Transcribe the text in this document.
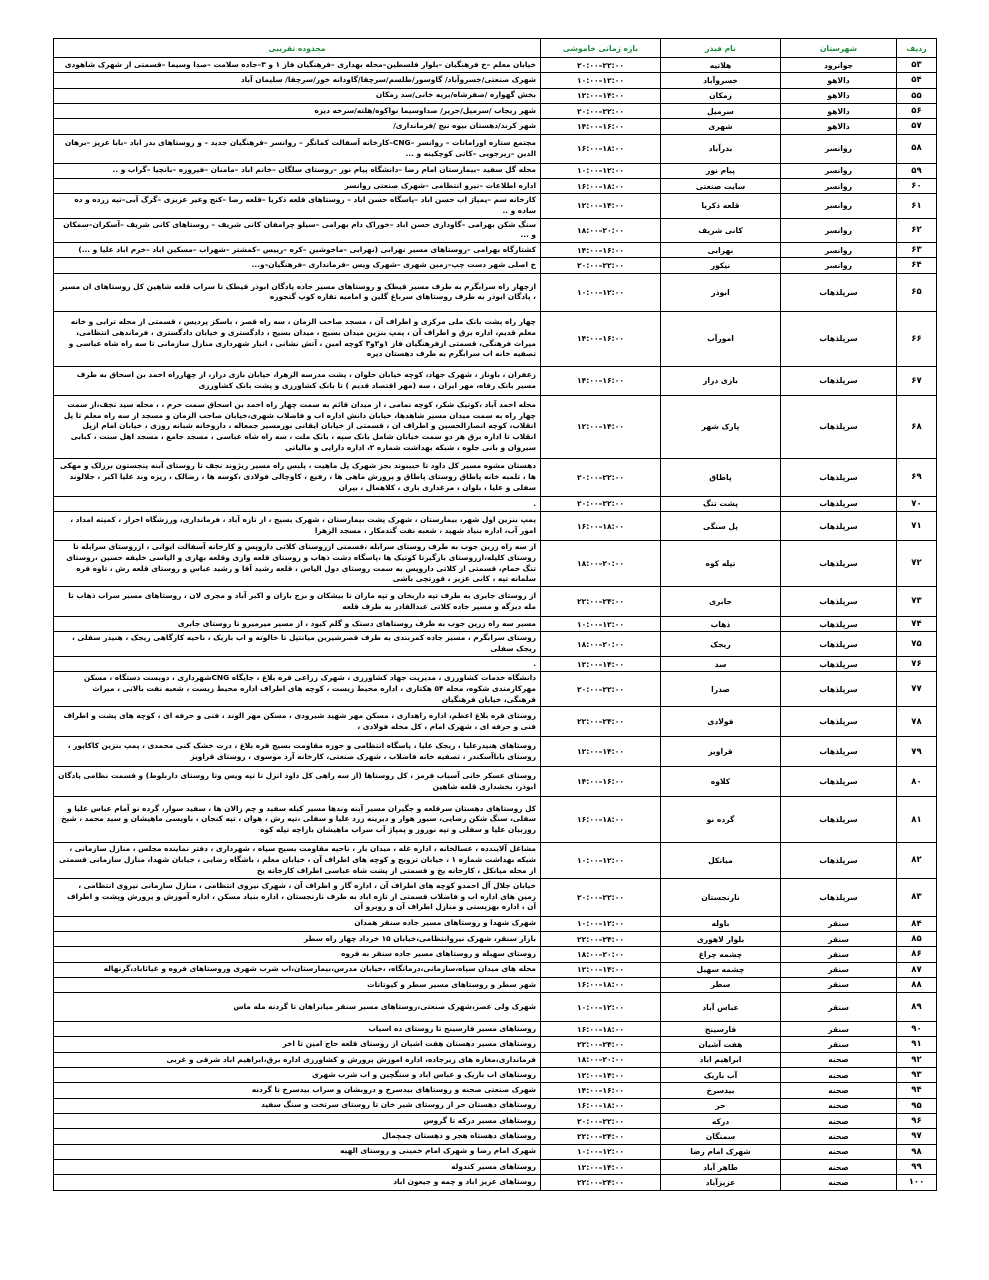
ردیف	شهرستان	نام فیدر	بازه زمانی خاموشی	محدوده تقریبی
۵۳	جوانرود	هلاتیه	۲۰:۰۰–۲۲:۰۰	خیابان معلم –خ فرهنگیان –بلوار فلسطین–محله بهداری –فرهنگیان فاز ۱ و ۳–جاده سلامت –صدا وسیما –قسمتی از شهرک شاهودی
۵۴	دالاهو	خسروآباد	۱۰:۰۰–۱۲:۰۰	شهرک صنعتی/خسروآباد/ گاوسور/طلسم/سرچقا/گاودانه خور/سرچقا/ سلیمان آباد
۵۵	دالاهو	زمکان	۱۲:۰۰–۱۴:۰۰	بخش گهواره /صفرشاه/بریه خانی/سد زمکان
۵۶	دالاهو	سرمیل	۲۰:۰۰–۲۲:۰۰	شهر ریجاب /سرمیل/حریر/ صداوسیما نواکوه/هلته/سرخه دیزه
۵۷	دالاهو	شهری	۱۴:۰۰–۱۶:۰۰	شهر کرند/دهستان بیوه نیج /فرمانداری/
۵۸	روانسر	بدرآباد	۱۶:۰۰–۱۸:۰۰	مجتمع ستاره اورامانات – روانسر –CNG–کارخانه آسفالت کمانگر – روانسر –فرهنگیان جدید – و روستاهای بدر اباد –بابا عزیز –برهان الدین –زیرجویی –کانی کوچکینه و ...
۵۹	روانسر	پیام نور	۱۰:۰۰–۱۲:۰۰	محله گل سفید –بیمارستان امام رضا –دانشگاه پیام نور –روستای سلگان –خانم اباد –مامنان –فیروزه –بانچیا –گراب و ..
۶۰	روانسر	سایت صنعتی	۱۶:۰۰–۱۸:۰۰	اداره اطلاعات –نیرو انتظامی –شهرک صنعتی روانسر
۶۱	روانسر	قلعه ذکریا	۱۲:۰۰–۱۴:۰۰	کارخانه سم –پمپاژ اب حسن اباد –پاسگاه حسن اباد – روستاهای قلعه ذکریا –قلعه رضا –کنج وعیر عزیزی –گرگ آبی–تپه زرده و ده ساده و ..
۶۲	روانسر	کانی شریف	۱۸:۰۰–۲۰:۰۰	سنگ شکن بهرامی –گاوداری حسن اباد –خوراک دام بهرامی –سیلو چرامفان کانی شریف – روستاهای کانی شریف –آسکران–سمکان و ...
۶۳	روانسر	نهرابی	۱۴:۰۰–۱۶:۰۰	کشتارگاه بهرامی –روستاهای مسیر نهرابی (نهرابی –ماخوشین –کره –رییس –کمشتر –شهراب –مسکین اباد –خرم اباد علیا و ...)
۶۴	روانسر	نیکور	۲۰:۰۰–۲۲:۰۰	خ اصلی شهر دست چپ–زمین شهری –شهرک ویس –فرمانداری –فرهنگیان–و...
۶۵	سرپلذهاب	ابوذر	۱۰:۰۰–۱۲:۰۰	ازچهار راه سرابگرم به طرف مسیر قیطک و روستاهای مسیر جاده پادگان ابوذر قیطک تا سراب قلعه شاهین کل روستاهای ان مسیر ، پادگان ابوذر به طرف روستاهای سرباغ گلین و امامیه تقاره کوپ گنجوره
۶۶	سرپلذهاب	امورآب	۱۴:۰۰–۱۶:۰۰	چهار راه پشت بانک ملی مرکزی و اطراف آن ، مسجد صاحب الزمان ، سه راه قصر ، باسکز پردیس ، قسمتی از محله ترابی و خانه معلم قدیم، اداره برق و اطراف آن ، پمپ بنزین میدان بسیج ، میدان بسیج ، دادگستری و خیابان دادگستری ، فرماندهی انتظامی، میراث فرهنگی، قسمتی ازفرهنگیان فاز ۱و۲و۳ کوچه امین ، آتش نشانی ، انبار شهرداری منازل سازمانی تا سه راه شاه عباسی و تصفیه خانه اب سرابگرم به طرف دهستان دیره
۶۷	سرپلذهاب	بازی دراز	۱۴:۰۰–۱۶:۰۰	زعفران ، باوناز ، شهرک جهاد، کوچه خیابان حلوان ، پشت مدرسه الزهرا، خیابان بازی دراز، از چهارراه احمد بن اسحاق به طرف مسیر بانک رفاه، مهر ایران ، سه (مهر اقتصاد قدیم ) تا بانک کشاورزی و پشت بانک کشاورزی
۶۸	سرپلذهاب	پارک شهر	۱۲:۰۰–۱۴:۰۰	محله احمد آباد ،کوتیک شکر، کوچه نمامی ، از میدان قائم به سمت چهار راه احمد بن اسحاق سمت حرم ، ، محله سید نجف،از سمت چهار راه به سمت میدان مسیر شاهدها، خیابان دانش اداره اب و فاضلاب شهری،خیابان صاحب الزمان و مسجد از سه راه معلم تا پل انقلاب، کوچه انصارالحسین و اطراف ان ، قسمتی از خیابان ایقانی بورمسیر جمعاله ، داروخانه شبانه روزی ، خیابان امام ازپل انقلاب تا اداره برق هر دو سمت خیابان شامل بانک سپه ، بانک ملت ، سه راه شاه عباسی ، مسجد جامع ، مسجد اهل سنت ، کبابی سیروان و بانی جلوه ، شبکه بهداشت شماره ۲، اداره دارایی و مالیاتی
۶۹	سرپلذهاب	پاطاق	۲۰:۰۰–۲۲:۰۰	دهستان مشوه مسیر کل داود تا حبیبوند بجز شهرک پل ماهیت ، پلیس راه مسیر ریژوند نجف تا روستای آبنه پنجستون برزلک و مهکی ها ، تلمبه خانه پاطاق روستای پاطاق و پرورش ماهی ها ، رفیع ، کاوچالی فولادی ،کوسه ها ، رضالک ، ریزه وند علیا اکبر ، جلالوند سفلی و علیا ، بلوان ، مرغداری باری ، کلاهمال ، بیران
۷۰	سرپلذهاب	پشت تنگ	۲۰:۰۰–۲۲:۰۰	.
۷۱	سرپلذهاب	پل سنگی	۱۶:۰۰–۱۸:۰۰	پمپ بنزین اول شهر، بیمارستان ، شهرک پشت بیمارستان ، شهرک بسیج ، از تازه آباد ، فرمانداری، ورزشگاه احرار ، کمیته امداد ، امور آب، اداره بنیاد شهید ، شعبه نفت گندمکار ، مسجد الزهرا
۷۲	سرپلذهاب	تپله کوه	۱۸:۰۰–۲۰:۰۰	از سه راه زرین جوب به طرف روستای سرابله ،قسمتی ازروستای کلاتی داروپس و کارخانه آسفالت ایوانی ، ازروستای سرابله تا روستای کلیله،ازروستای بازگیرتا کوتیک ها ،پاسگاه دشت ذهاب و روستای قلعه وازی وقلعه بهاری و الیاسی خلیفه حسین ،روستای تنگ حمام، قسمتی از کلاتی داروپس به سمت روستای دول الیاس ، قلعه رشید آقا و رشید عباس و روستای قلعه رش ، تاوه قره سلمانه تپه ، کانی عزیز ، قورتچی باشی
۷۳	سرپلذهاب	جابری	۲۲:۰۰–۲۴:۰۰	از روستای جابری به طرف تپه داربخان و تپه ماران تا بیشکان و برج باران و اکبر آباد و مجری لان ، روستاهای مسیر سراب ذهاب تا مله دیزگه و مسیر جاده کلاتی عبدالقادر به طرف قلعه
۷۴	سرپلذهاب	ذهاب	۱۰:۰۰–۱۲:۰۰	مسیر سه راه زرین جوب به طرف روستاهای دستک و گلم کبود ، از مسیر میرمیرو تا روستای جابری
۷۵	سرپلذهاب	ریجک	۱۸:۰۰–۲۰:۰۰	روستای سرابگرم ، مسیر جاده کمربندی به طرف قصرشیرین میانتپل تا خالوته و اب باریک ، ناحیه کارگاهی ریجک ، هنیدر سفلی ، ریجک سفلی
۷۶	سرپلذهاب	سد	۱۲:۰۰–۱۴:۰۰	.
۷۷	سرپلذهاب	صدرا	۲۰:۰۰–۲۲:۰۰	دانشگاه خدمات کشاورزی ، مدیریت جهاد کشاورزی ، شهرک زراعی قره بلاغ ، جایگاه CNGشهرداری ، دوبست دستگاه ، مسکن مهرکارمندی شکوه، محله ۵۴ هکتاری ، اداره محیط زیست ، کوچه های اطراف اداره محیط زیست ، شعبه نفت بالانی ، میراث فرهنگی، خیابان فرهنگیان
۷۸	سرپلذهاب	فولادی	۲۲:۰۰–۲۴:۰۰	روستای قره بلاغ اعظم، اداره راهداری ، مسکن مهر شهید شیرودی ، مسکن مهر الوند ، فنی و حرفه ای ، کوچه های پشت و اطراف فنی و حرفه ای ، شهرک امام ، کل محله فولادی ،
۷۹	سرپلذهاب	قراویز	۱۲:۰۰–۱۴:۰۰	روستاهای هنیدرعلیا ، ریجک علیا ، پاسگاه انتظامی و حوزه مقاومت بسیج قره بلاغ ، درت خشک کنی محمدی ، پمپ بنزین کاکاپور ، روستای باباآسکندر ، تصفیه خانه فاضلاب ، شهرک صنعتی، کارخانه آرد موسوی ، روستای قراویز
۸۰	سرپلذهاب	کلاوه	۱۴:۰۰–۱۶:۰۰	روستای عسکر خانی آسیاب قرمز ، کل روستاها (از سه راهی کل داود انزل تا تپه ویس وتا روستای داربلوط) و قسمت نظامی پادگان ابوذر، بخشداری قلعه شاهین
۸۱	سرپلذهاب	گرده نو	۱۶:۰۰–۱۸:۰۰	کل روستاهای دهستان سرقلعه و جگیران مسیر آبنه وندها مسیر کیله سفید و چم زالان ها ، سفید سوار، گرده نو آمام عباس علیا و سفلی، سنگ شکن رضایی، سیور هوار و دیرینه زرد علیا و سفلی ،تپه رش ، هوان ، تپه کنجان ، باویسی ماهیشان و سید محمد ، شیخ روزبیان علیا و سفلی و تپه نوروز و پمپاژ آب سراب ماهیشان بازاچه تپله کوه
۸۲	سرپلذهاب	میانکل	۱۰:۰۰–۱۲:۰۰	مشاغل آلایندده ، عسالخانه ، اداره غله ، میدان بار ، ناحیه مقاومت بسیج سپاه ، شهرداری ، دفتر نماینده مجلس ، منازل سازمانی ، شبکه بهداشت شماره ۱ ، خیابان تروبج و کوچه های اطراف آن ، خیابان معلم ، باشگاه رضایی ، خیابان شهدا، منازل سازمانی قسمتی از محله میانکل ، کارخانه یخ و قسمتی از پشت شاه عباسی اطراف کارخانه یخ
۸۳	سرپلذهاب	نارنجستان	۲۰:۰۰–۲۲:۰۰	خیابان جلال آل احمدو کوچه های اطراف آن ، اداره گاز و اطراف آن ، شهرک نیروی انتظامی ، منازل سازمانی نیروی انتظامی ، زمین های اداره اب و فاضلاب قسمتی از تازه اباد به طرف نارنجستان ، اداره بنیاد مسکن ، اداره آموزش و پرورش وپشت و اطراف آن ، اداره بهزیستی و منازل اطراف آن و روبرو آن
۸۴	سنقر	باوله	۱۰:۰۰–۱۲:۰۰	شهرک شهدا و روستاهای مسیر جاده سنقر همدان
۸۵	سنقر	بلوار لاهوری	۲۲:۰۰–۲۴:۰۰	بازار سنقر، شهرک نیروانتظامی،خیابان ۱۵ خرداد چهار راه سطر
۸۶	سنقر	چشمه چراغ	۱۸:۰۰–۲۰:۰۰	روستای سهبله و روستاهای مسیر جاده سنقر به فروه
۸۷	سنقر	چشمه سهیل	۱۲:۰۰–۱۴:۰۰	محله های میدان سپاه،سازمانی،درمانگاه، ،خیابان مدرس،بیمارستان،اب شرب شهری وروستاهای فروه و غیاثاباد،گرنهاله
۸۸	سنقر	سطر	۱۶:۰۰–۱۸:۰۰	شهر سطر و روستاهای مسیر سطر و کیوتانات
۸۹	سنقر	عباس آباد	۱۰:۰۰–۱۲:۰۰	شهرک ولی عصر،شهرک صنعتی،روستاهای مسیر سنقر میانراهان تا گردنه مله ماس
۹۰	سنقر	فارسینج	۱۶:۰۰–۱۸:۰۰	روستاهای مسیر فارسینج تا روستای ده اسیاب
۹۱	سنقر	هفت آشیان	۲۲:۰۰–۲۴:۰۰	روستاهای مسیر دهستان هفت اشیان از روستای قلعه حاج امین تا اخر
۹۲	صحنه	ابراهیم اباد	۱۸:۰۰–۲۰:۰۰	فرمانداری،مغازه های زیرجاده، اداره اموزش پرورش و کشاورزی اداره برق،ابراهیم اباد شرقی و غربی
۹۳	صحنه	آب باریک	۱۲:۰۰–۱۴:۰۰	روستاهای اب باریک و عباس اباد و سنگچین و اب شرب شهری
۹۴	صحنه	بیدسرخ	۱۴:۰۰–۱۶:۰۰	شهرک صنعتی صحنه و روستاهای بیدسرخ و دروبشان و سراب بیدسرخ تا گردنه
۹۵	صحنه	حر	۱۶:۰۰–۱۸:۰۰	روستاهای دهستان حر از روستای شیر خان تا روستای سرتخت و سنگ سفید
۹۶	صحنه	درکه	۲۰:۰۰–۲۲:۰۰	روستاهای مسیر درکه تا گروس
۹۷	صحنه	سمنگان	۲۲:۰۰–۲۴:۰۰	روستاهای دهستاه هجر و دهستان چمچمال
۹۸	صحنه	شهرک امام رضا	۱۰:۰۰–۱۲:۰۰	شهرک امام رضا و شهرک امام خمینی و روستای الهیه
۹۹	صحنه	طاهر آباد	۱۲:۰۰–۱۴:۰۰	روستاهای مسیر کندوله
۱۰۰	صحنه	عزیزآباد	۲۲:۰۰–۲۴:۰۰	روستاهای عزیز اباد و چمه و جیعون اباد
